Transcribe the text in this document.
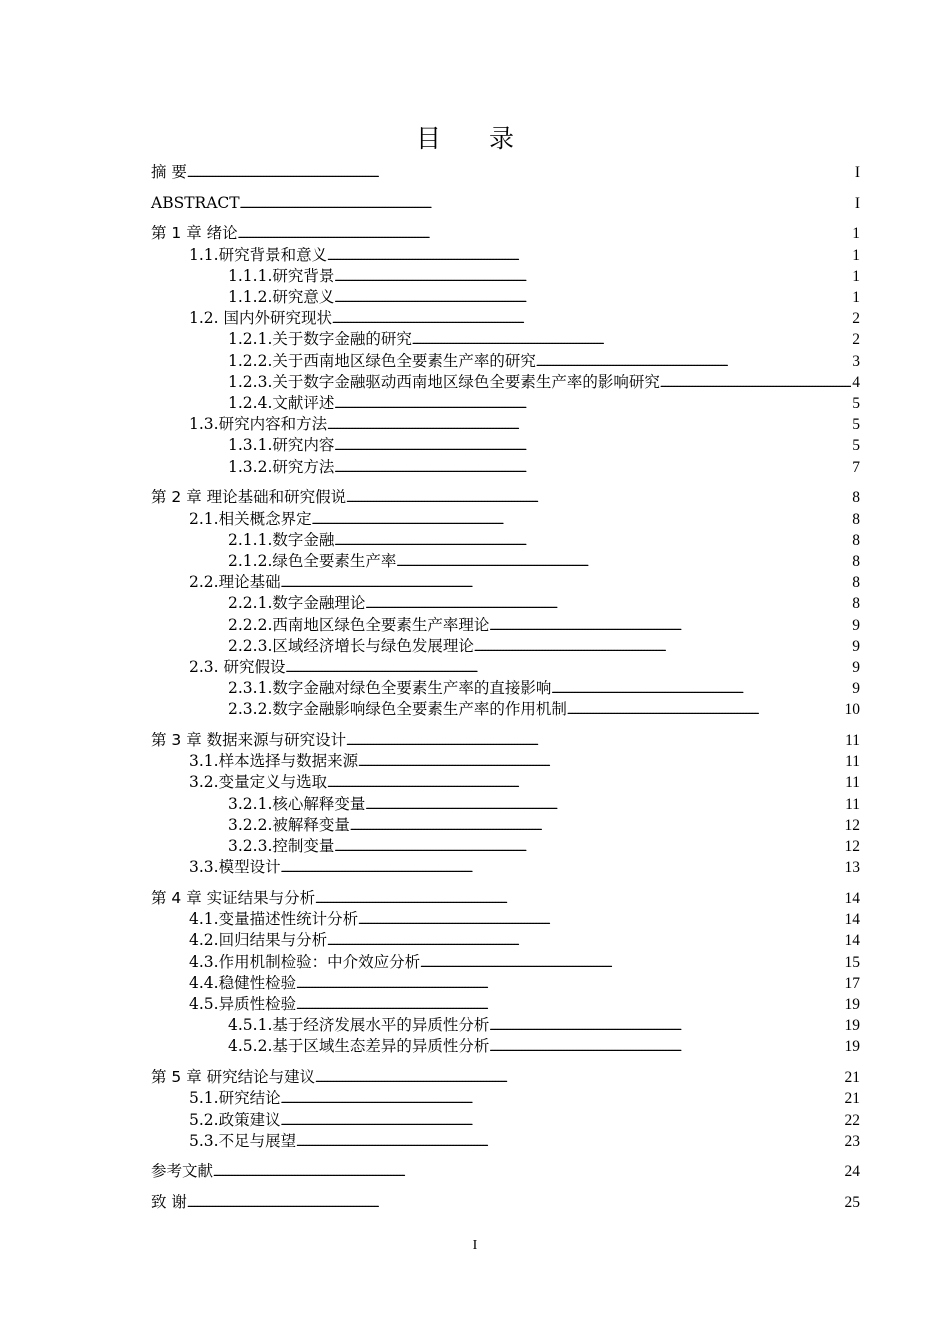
目 录
摘 要 . . .	I
ABSTRACT . . .	I
第 1 章 绪论 . . .	1
1.1.研究背景和意义 . . .	1
1.1.1.研究背景 . . .	1
1.1.2.研究意义 . . .	1
1.2. 国内外研究现状 . . .	2
1.2.1.关于数字金融的研究 . . .	2
1.2.2.关于西南地区绿色全要素生产率的研究 . . .	3
1.2.3.关于数字金融驱动西南地区绿色全要素生产率的影响研究 . . .	4
1.2.4.文献评述 . . .	5
1.3.研究内容和方法 . . .	5
1.3.1.研究内容 . . .	5
1.3.2.研究方法 . . .	7
第 2 章 理论基础和研究假说 . . .	8
2.1.相关概念界定 . . .	8
2.1.1.数字金融 . . .	8
2.1.2.绿色全要素生产率 . . .	8
2.2.理论基础 . . .	8
2.2.1.数字金融理论 . . .	8
2.2.2.西南地区绿色全要素生产率理论 . . .	9
2.2.3.区域经济增长与绿色发展理论 . . .	9
2.3. 研究假设 . . .	9
2.3.1.数字金融对绿色全要素生产率的直接影响 . . .	9
2.3.2.数字金融影响绿色全要素生产率的作用机制 . . .	10
第 3 章 数据来源与研究设计 . . .	11
3.1.样本选择与数据来源 . . .	11
3.2.变量定义与选取 . . .	11
3.2.1.核心解释变量 . . .	11
3.2.2.被解释变量 . . .	12
3.2.3.控制变量 . . .	12
3.3.模型设计 . . .	13
第 4 章 实证结果与分析 . . .	14
4.1.变量描述性统计分析 . . .	14
4.2.回归结果与分析 . . .	14
4.3.作用机制检验：中介效应分析 . . .	15
4.4.稳健性检验 . . .	17
4.5.异质性检验 . . .	19
4.5.1.基于经济发展水平的异质性分析 . . .	19
4.5.2.基于区域生态差异的异质性分析 . . .	19
第 5 章 研究结论与建议 . . .	21
5.1.研究结论 . . .	21
5.2.政策建议 . . .	22
5.3.不足与展望 . . .	23
参考文献 . . .	24
致 谢 . . .	25
I
